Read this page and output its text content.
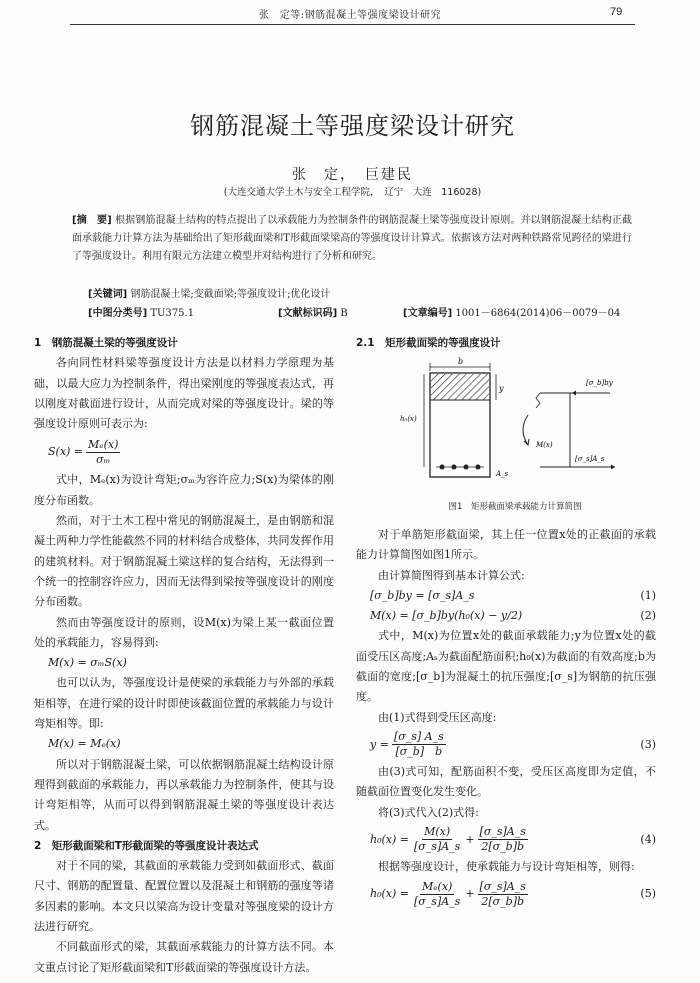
张　定等:钢筋混凝土等强度梁设计研究	79
钢筋混凝土等强度梁设计研究
张　定，　巨建民
(大连交通大学土木与安全工程学院，　辽宁　大连　116028)
[摘　要] 根据钢筋混凝土结构的特点提出了以承载能力为控制条件的钢筋混凝土梁等强度设计原则。并以钢筋混凝土结构正截面承载能力计算方法为基础给出了矩形截面梁和T形截面梁梁高的等强度设计计算式。依据该方法对两种铁路常见跨径的梁进行了等强度设计。利用有限元方法建立模型并对结构进行了分析和研究。
[关键词] 钢筋混凝土梁;变截面梁;等强度设计;优化设计
[中图分类号] TU375.1	[文献标识码] B	[文章编号] 1001－6864(2014)06－0079－04

1　钢筋混凝土梁的等强度设计

各向同性材料梁等强度设计方法是以材料力学原理为基础，以最大应力为控制条件，得出梁刚度的等强度表达式，再以刚度对截面进行设计，从而完成对梁的等强度设计。梁的等强度设计原则可表示为:

$S(x) = \frac{\text{Mₑ(x)}}{\text{σₘ}}$

式中，Mₑ(x)为设计弯矩;σₘ为容许应力;S(x)为梁体的刚度分布函数。

然而，对于土木工程中常见的钢筋混凝土，是由钢筋和混凝土两种力学性能截然不同的材料结合成整体，共同发挥作用的建筑材料。对于钢筋混凝土梁这样的复合结构，无法得到一个统一的控制容许应力，因而无法得到梁按等强度设计的刚度分布函数。

然而由等强度设计的原则，设M(x)为梁上某一截面位置处的承载能力，容易得到:

M(x) = σₘS(x)

也可以认为，等强度设计是使梁的承载能力与外部的承载矩相等，在进行梁的设计时即使该截面位置的承载能力与设计弯矩相等。即:

M(x) = Mₑ(x)

所以对于钢筋混凝土梁，可以依据钢筋混凝土结构设计原理得到截面的承载能力，再以承载能力为控制条件，使其与设计弯矩相等，从而可以得到钢筋混凝土梁的等强度设计表达式。

2　矩形截面梁和T形截面梁的等强度设计表达式

对于不同的梁，其截面的承载能力受到如截面形式、截面尺寸、钢筋的配置量、配置位置以及混凝土和钢筋的强度等诸多因素的影响。本文只以梁高为设计变量对等强度梁的设计方法进行研究。

不同截面形式的梁，其截面承载能力的计算方法不同。本文重点讨论了矩形截面梁和T形截面梁的等强度设计方法。

2.1　矩形截面梁的等强度设计

b
y
h₀(x)
A_s
M(x)
[σ_b]by
[σ_s]A_s
图1　矩形截面梁承载能力计算简图

对于单筋矩形截面梁，其上任一位置x处的正截面的承载能力计算简图如图1所示。

由计算简图得到基本计算公式:

[σ_b]by = [σ_s]A_s	(1)
M(x) = [σ_b]by(h₀(x) − y/2)	(2)

式中，M(x)为位置x处的截面承载能力;y为位置x处的截面受压区高度;Aₛ为截面配筋面积;h₀(x)为截面的有效高度;b为截面的宽度;[σ_b]为混凝土的抗压强度;[σ_s]为钢筋的抗压强度。

由(1)式得到受压区高度:

$y = \frac{[\sigma\_s] A\_s}{[\sigma\_b] b}$	(3)

由(3)式可知，配筋面积不变，受压区高度即为定值，不随截面位置变化发生变化。

将(3)式代入(2)式得:

$h_0(x) = \frac{M(x)}{[\sigma\_s]A\_s} + \frac{[\sigma\_s]A\_s}{2[\sigma\_b]b}$	(4)

根据等强度设计，使承载能力与设计弯矩相等，则得:

$h_0(x) = \frac{\text{Mₑ(x)}}{[\sigma\_s]A\_s} + \frac{[\sigma\_s]A\_s}{2[\sigma\_b]b}$	(5)
